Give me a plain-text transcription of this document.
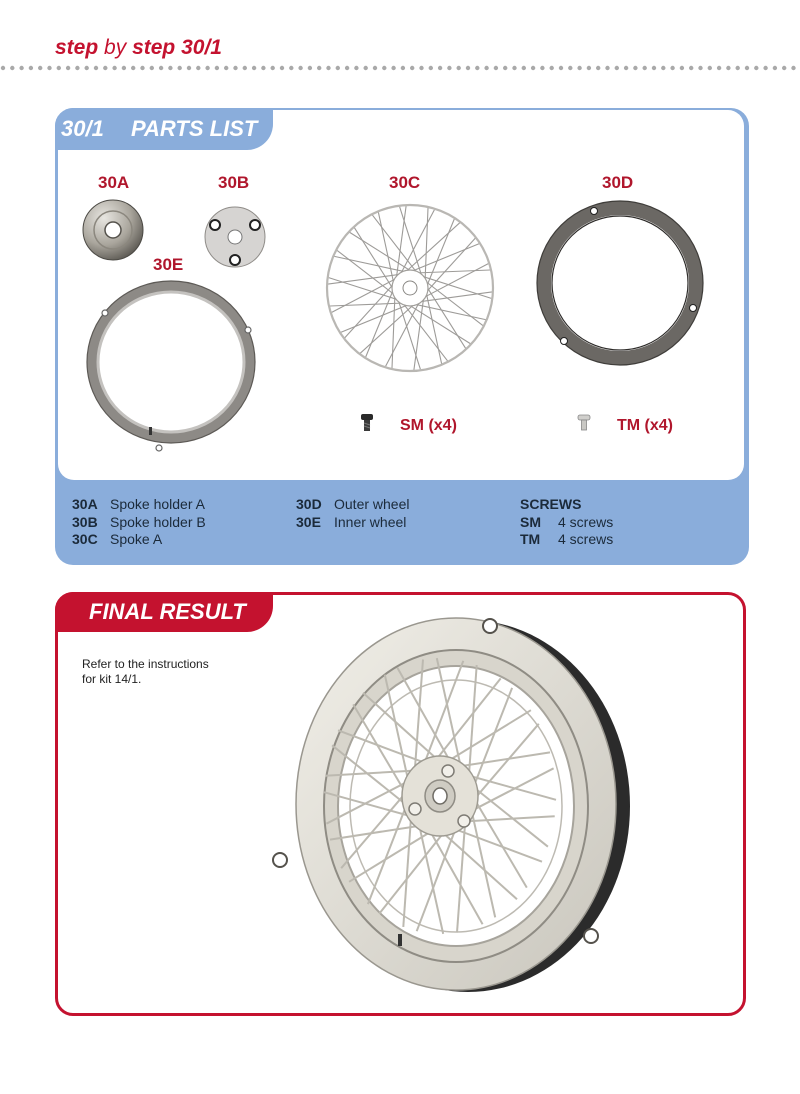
step by step 30/1
30/1 PARTS LIST
30A	30B
30E
30C	30D
SM (x4)	TM (x4)
30A Spoke holder A
30B Spoke holder B
30C Spoke A
30D Outer wheel
30E Inner wheel
SCREWS
SM	4 screws
TM	4 screws
FINAL RESULT
Refer to the instructions
for kit 14/1.
